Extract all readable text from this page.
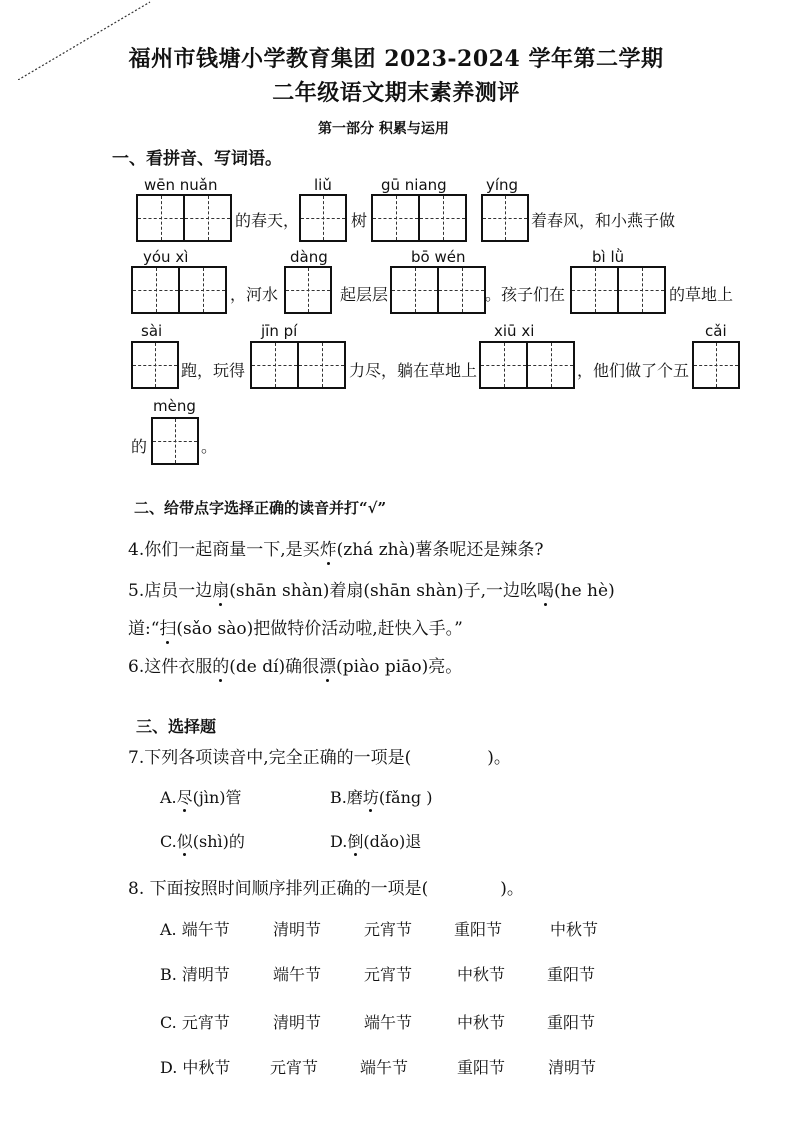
福州市钱塘小学教育集团 2023-2024 学年第二学期
二年级语文期末素养测评
第一部分 积累与运用
一、看拼音、写词语。
wēn nuǎn
的春天，
liǔ
树
gū niang	yíng
着春风，和小燕子做
yóu xì
，河水
dàng
起层层
bō wén
。孩子们在
bì lǜ
的草地上
sài
跑，玩得
jīn pí
力尽，躺在草地上
xiū xi
，他们做了个五
cǎi
mèng
的	。
二、给带点字选择正确的读音并打“√”
4.你们一起商量一下,是买炸(zhá zhà)薯条呢还是辣条?
5.店员一边扇(shān shàn)着扇(shān shàn)子,一边吆喝(he hè)
道:“扫(sǎo sào)把做特价活动啦,赶快入手。”
6.这件衣服的(de dí)确很漂(piào piāo)亮。
三、选择题
7.下列各项读音中,完全正确的一项是(	)。
A.尽(jìn)管	B.磨坊(fǎng )
C.似(shì)的	D.倒(dǎo)退
8. 下面按照时间顺序排列正确的一项是(	)。
A. 端午节	清明节	元宵节	重阳节	中秋节
B. 清明节	端午节	元宵节	中秋节	重阳节
C. 元宵节	清明节	端午节	中秋节	重阳节
D. 中秋节 元宵节	端午节	重阳节	清明节
